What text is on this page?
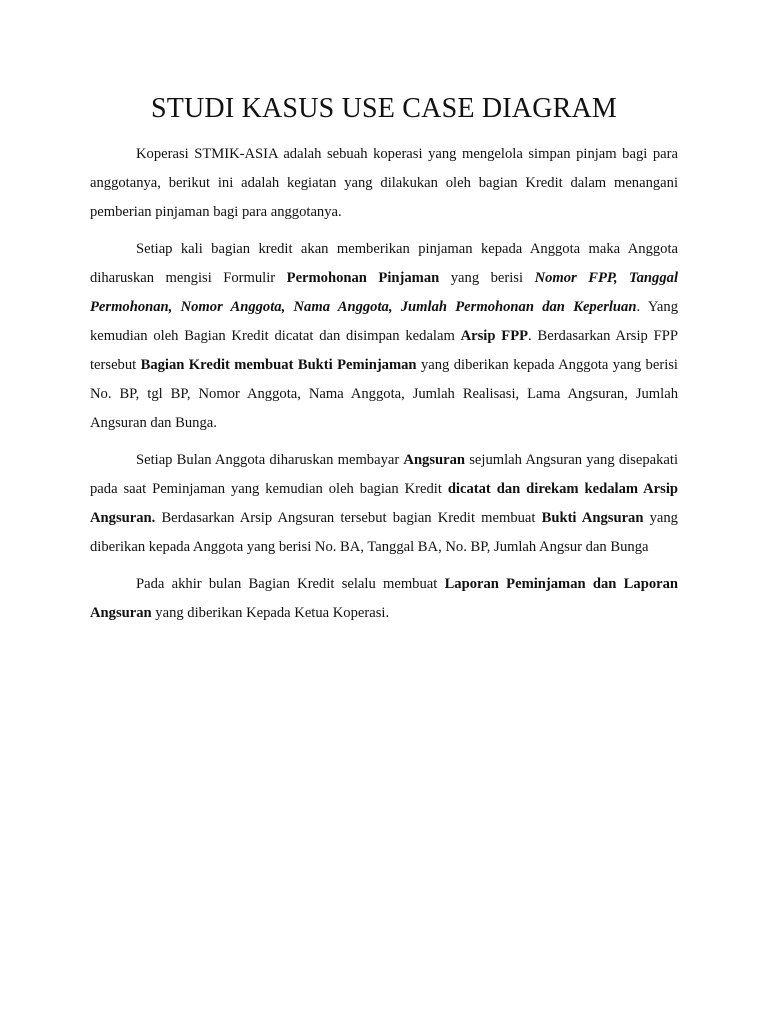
STUDI KASUS USE CASE DIAGRAM

Koperasi STMIK-ASIA adalah sebuah koperasi yang mengelola simpan pinjam bagi para anggotanya, berikut ini adalah kegiatan yang dilakukan oleh bagian Kredit dalam menangani pemberian pinjaman bagi para anggotanya.

Setiap kali bagian kredit akan memberikan pinjaman kepada Anggota maka Anggota diharuskan mengisi Formulir Permohonan Pinjaman yang berisi Nomor FPP, Tanggal Permohonan, Nomor Anggota, Nama Anggota, Jumlah Permohonan dan Keperluan. Yang kemudian oleh Bagian Kredit dicatat dan disimpan kedalam Arsip FPP. Berdasarkan Arsip FPP tersebut Bagian Kredit membuat Bukti Peminjaman yang diberikan kepada Anggota yang berisi No. BP, tgl BP, Nomor Anggota, Nama Anggota, Jumlah Realisasi, Lama Angsuran, Jumlah Angsuran dan Bunga.

Setiap Bulan Anggota diharuskan membayar Angsuran sejumlah Angsuran yang disepakati pada saat Peminjaman yang kemudian oleh bagian Kredit dicatat dan direkam kedalam Arsip Angsuran. Berdasarkan Arsip Angsuran tersebut bagian Kredit membuat Bukti Angsuran yang diberikan kepada Anggota yang berisi No. BA, Tanggal BA, No. BP, Jumlah Angsur dan Bunga

Pada akhir bulan Bagian Kredit selalu membuat Laporan Peminjaman dan Laporan Angsuran yang diberikan Kepada Ketua Koperasi.
